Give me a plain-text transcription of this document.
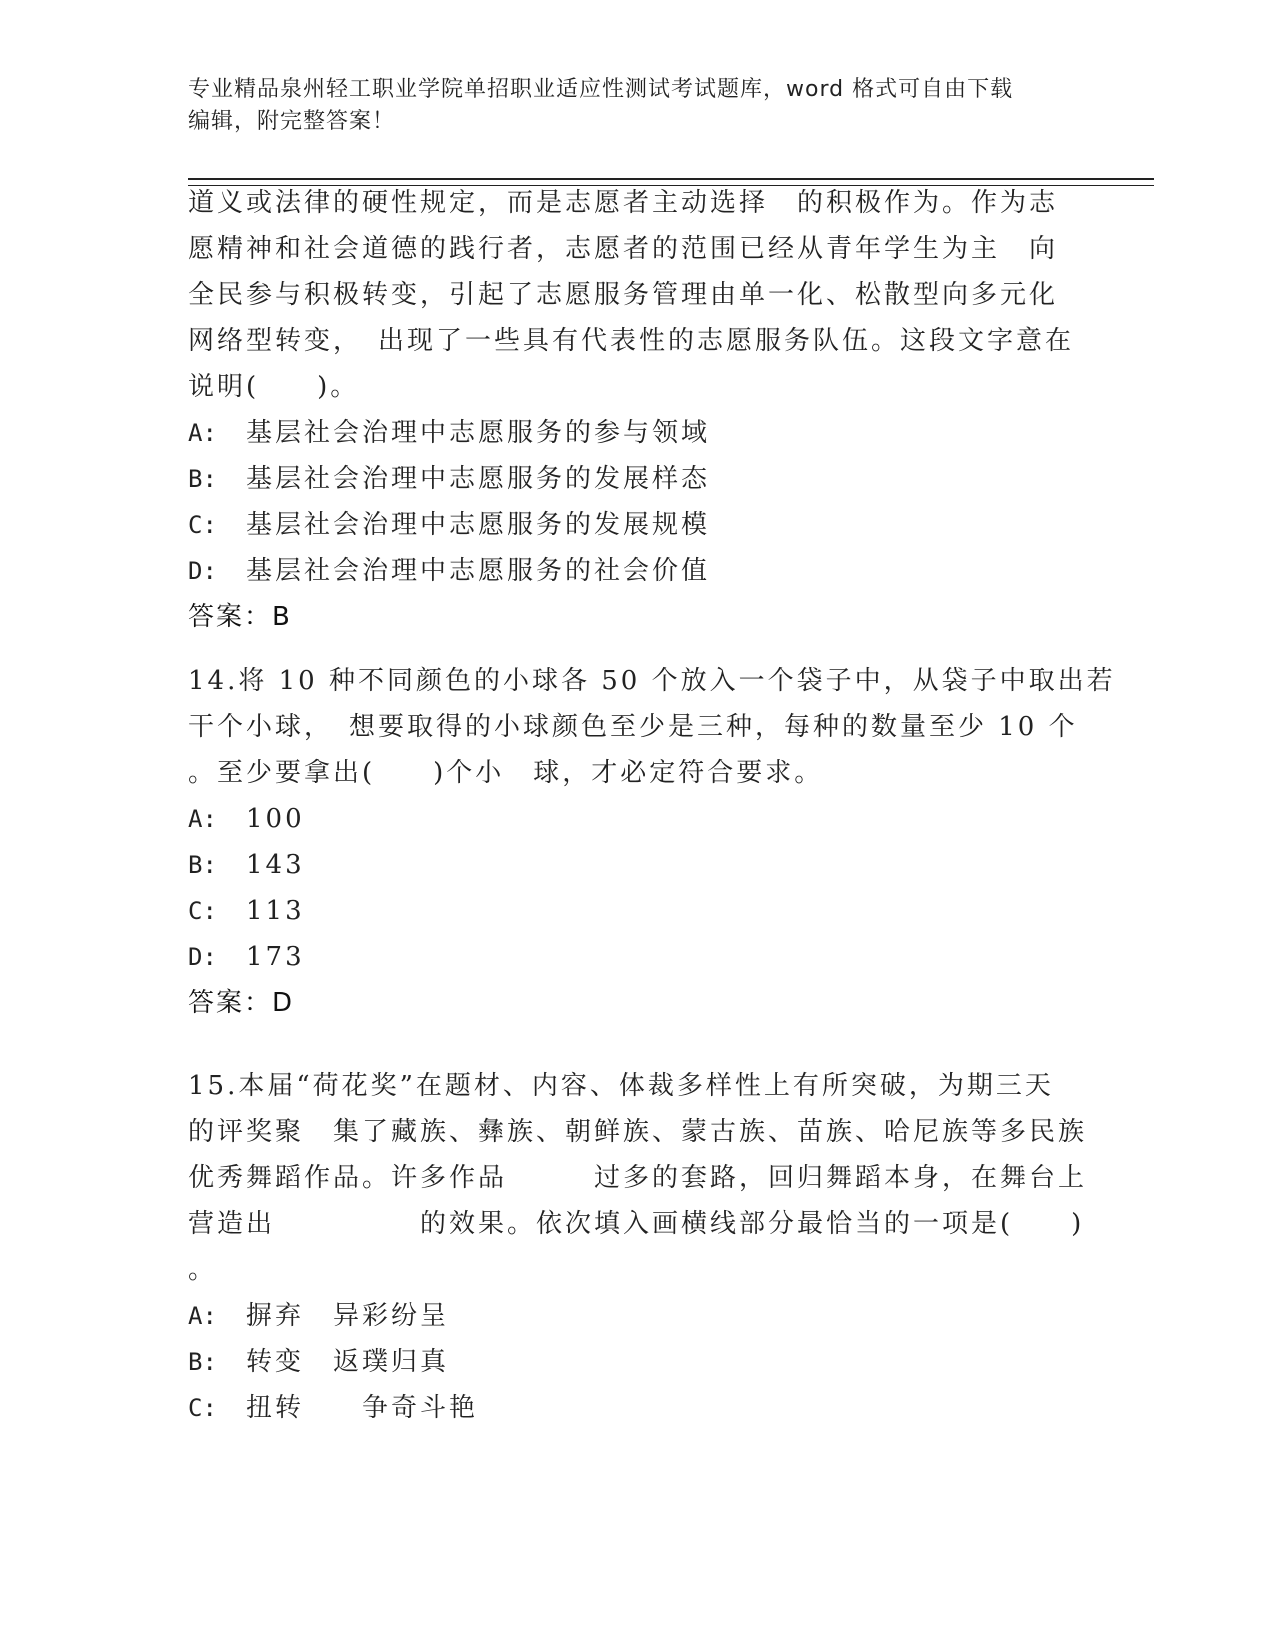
专业精品泉州轻工职业学院单招职业适应性测试考试题库，word 格式可自由下载
编辑，附完整答案！
道义或法律的硬性规定，而是志愿者主动选择　的积极作为。作为志
愿精神和社会道德的践行者，志愿者的范围已经从青年学生为主　向
全民参与积极转变，引起了志愿服务管理由单一化、松散型向多元化
网络型转变，　出现了一些具有代表性的志愿服务队伍。这段文字意在
说明(　　)。
A: 基层社会治理中志愿服务的参与领域
B: 基层社会治理中志愿服务的发展样态
C: 基层社会治理中志愿服务的发展规模
D: 基层社会治理中志愿服务的社会价值
答案：B
14.将 10 种不同颜色的小球各 50 个放入一个袋子中，从袋子中取出若
干个小球，　想要取得的小球颜色至少是三种，每种的数量至少 10 个
。至少要拿出(　　)个小　球，才必定符合要求。
A: 100
B: 143
C: 113
D: 173
答案：D
15.本届“荷花奖”在题材、内容、体裁多样性上有所突破，为期三天
的评奖聚　集了藏族、彝族、朝鲜族、蒙古族、苗族、哈尼族等多民族
优秀舞蹈作品。许多作品　　　过多的套路，回归舞蹈本身，在舞台上
营造出　　　　　的效果。依次填入画横线部分最恰当的一项是(　　)
。
A: 摒弃　异彩纷呈
B: 转变　返璞归真
C: 扭转　　争奇斗艳
